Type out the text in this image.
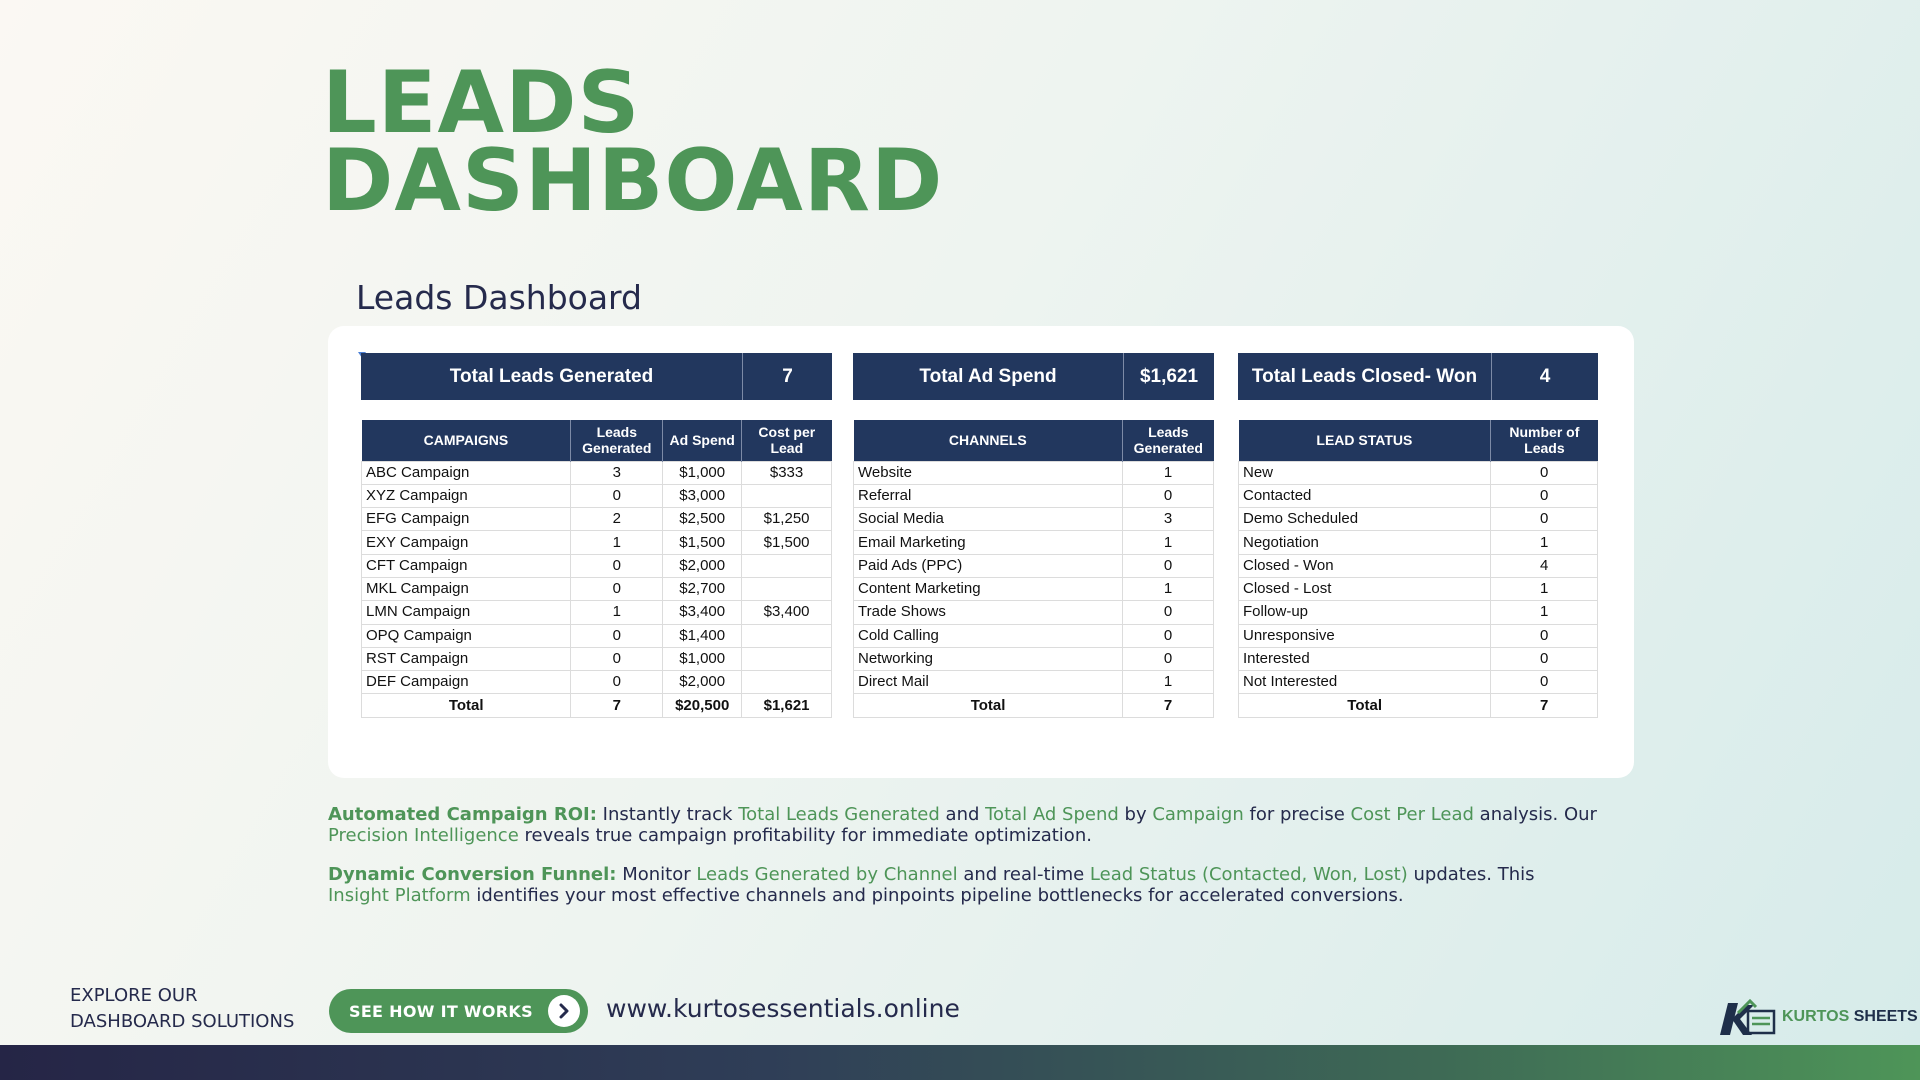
LEADS
DASHBOARD
Leads Dashboard
Total Leads Generated	7	Total Ad Spend	$1,621	Total Leads Closed- Won	4
CAMPAIGNS	Leads Generated	Ad Spend	Cost per Lead
ABC Campaign	3	$1,000	$333
XYZ Campaign	0	$3,000	
EFG Campaign	2	$2,500	$1,250
EXY Campaign	1	$1,500	$1,500
CFT Campaign	0	$2,000	
MKL Campaign	0	$2,700	
LMN Campaign	1	$3,400	$3,400
OPQ Campaign	0	$1,400	
RST Campaign	0	$1,000	
DEF Campaign	0	$2,000	
Total	7	$20,500	$1,621
CHANNELS	Leads Generated
Website	1
Referral	0
Social Media	3
Email Marketing	1
Paid Ads (PPC)	0
Content Marketing	1
Trade Shows	0
Cold Calling	0
Networking	0
Direct Mail	1
Total	7
LEAD STATUS	Number of Leads
New	0
Contacted	0
Demo Scheduled	0
Negotiation	1
Closed - Won	4
Closed - Lost	1
Follow-up	1
Unresponsive	0
Interested	0
Not Interested	0
Total	7

Automated Campaign ROI: Instantly track Total Leads Generated and Total Ad Spend by Campaign for precise Cost Per Lead analysis. Our Precision Intelligence reveals true campaign profitability for immediate optimization.

Dynamic Conversion Funnel: Monitor Leads Generated by Channel and real-time Lead Status (Contacted, Won, Lost) updates. This Insight Platform identifies your most effective channels and pinpoints pipeline bottlenecks for accelerated conversions.

EXPLORE OUR
DASHBOARD SOLUTIONS	SEE HOW IT WORKS	www.kurtosessentials.online	KURTOS SHEETS
